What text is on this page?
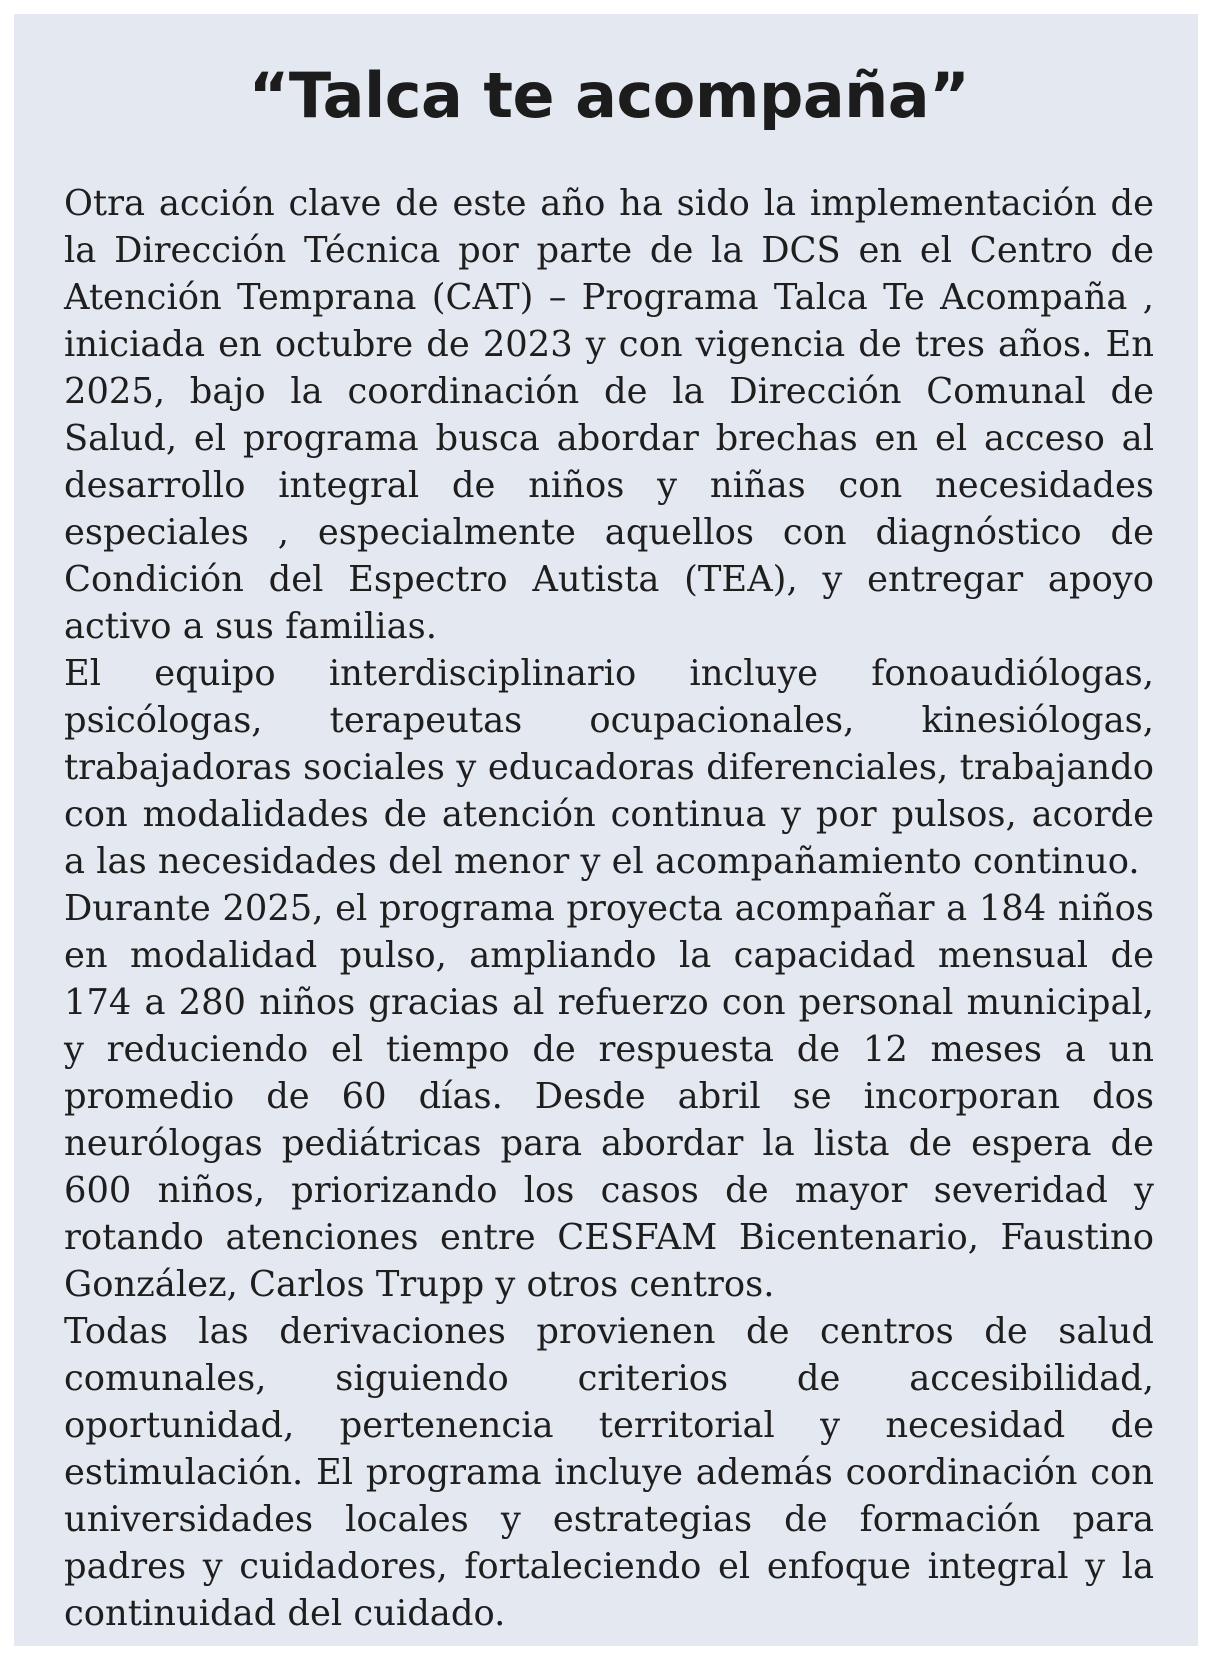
“Talca te acompaña”

Otra acción clave de este año ha sido la implementación de la Dirección Técnica por parte de la DCS en el Centro de Atención Temprana (CAT) – Programa Talca Te Acompaña , iniciada en octubre de 2023 y con vigencia de tres años. En 2025, bajo la coordinación de la Dirección Comunal de Salud, el programa busca abordar brechas en el acceso al desarrollo integral de niños y niñas con necesidades especiales , especialmente aquellos con diagnóstico de Condición del Espectro Autista (TEA), y entregar apoyo activo a sus familias.

El equipo interdisciplinario incluye fonoaudiólogas, psicólogas, terapeutas ocupacionales, kinesiólogas, trabajadoras sociales y educadoras diferenciales, trabajando con modalidades de atención continua y por pulsos, acorde a las necesidades del menor y el acompañamiento continuo.

Durante 2025, el programa proyecta acompañar a 184 niños en modalidad pulso, ampliando la capacidad mensual de 174 a 280 niños gracias al refuerzo con personal municipal, y reduciendo el tiempo de respuesta de 12 meses a un promedio de 60 días. Desde abril se incorporan dos neurólogas pediátricas para abordar la lista de espera de 600 niños, priorizando los casos de mayor severidad y rotando atenciones entre CESFAM Bicentenario, Faustino González, Carlos Trupp y otros centros.

Todas las derivaciones provienen de centros de salud comunales, siguiendo criterios de accesibilidad, oportunidad, pertenencia territorial y necesidad de estimulación. El programa incluye además coordinación con universidades locales y estrategias de formación para padres y cuidadores, fortaleciendo el enfoque integral y la continuidad del cuidado.
